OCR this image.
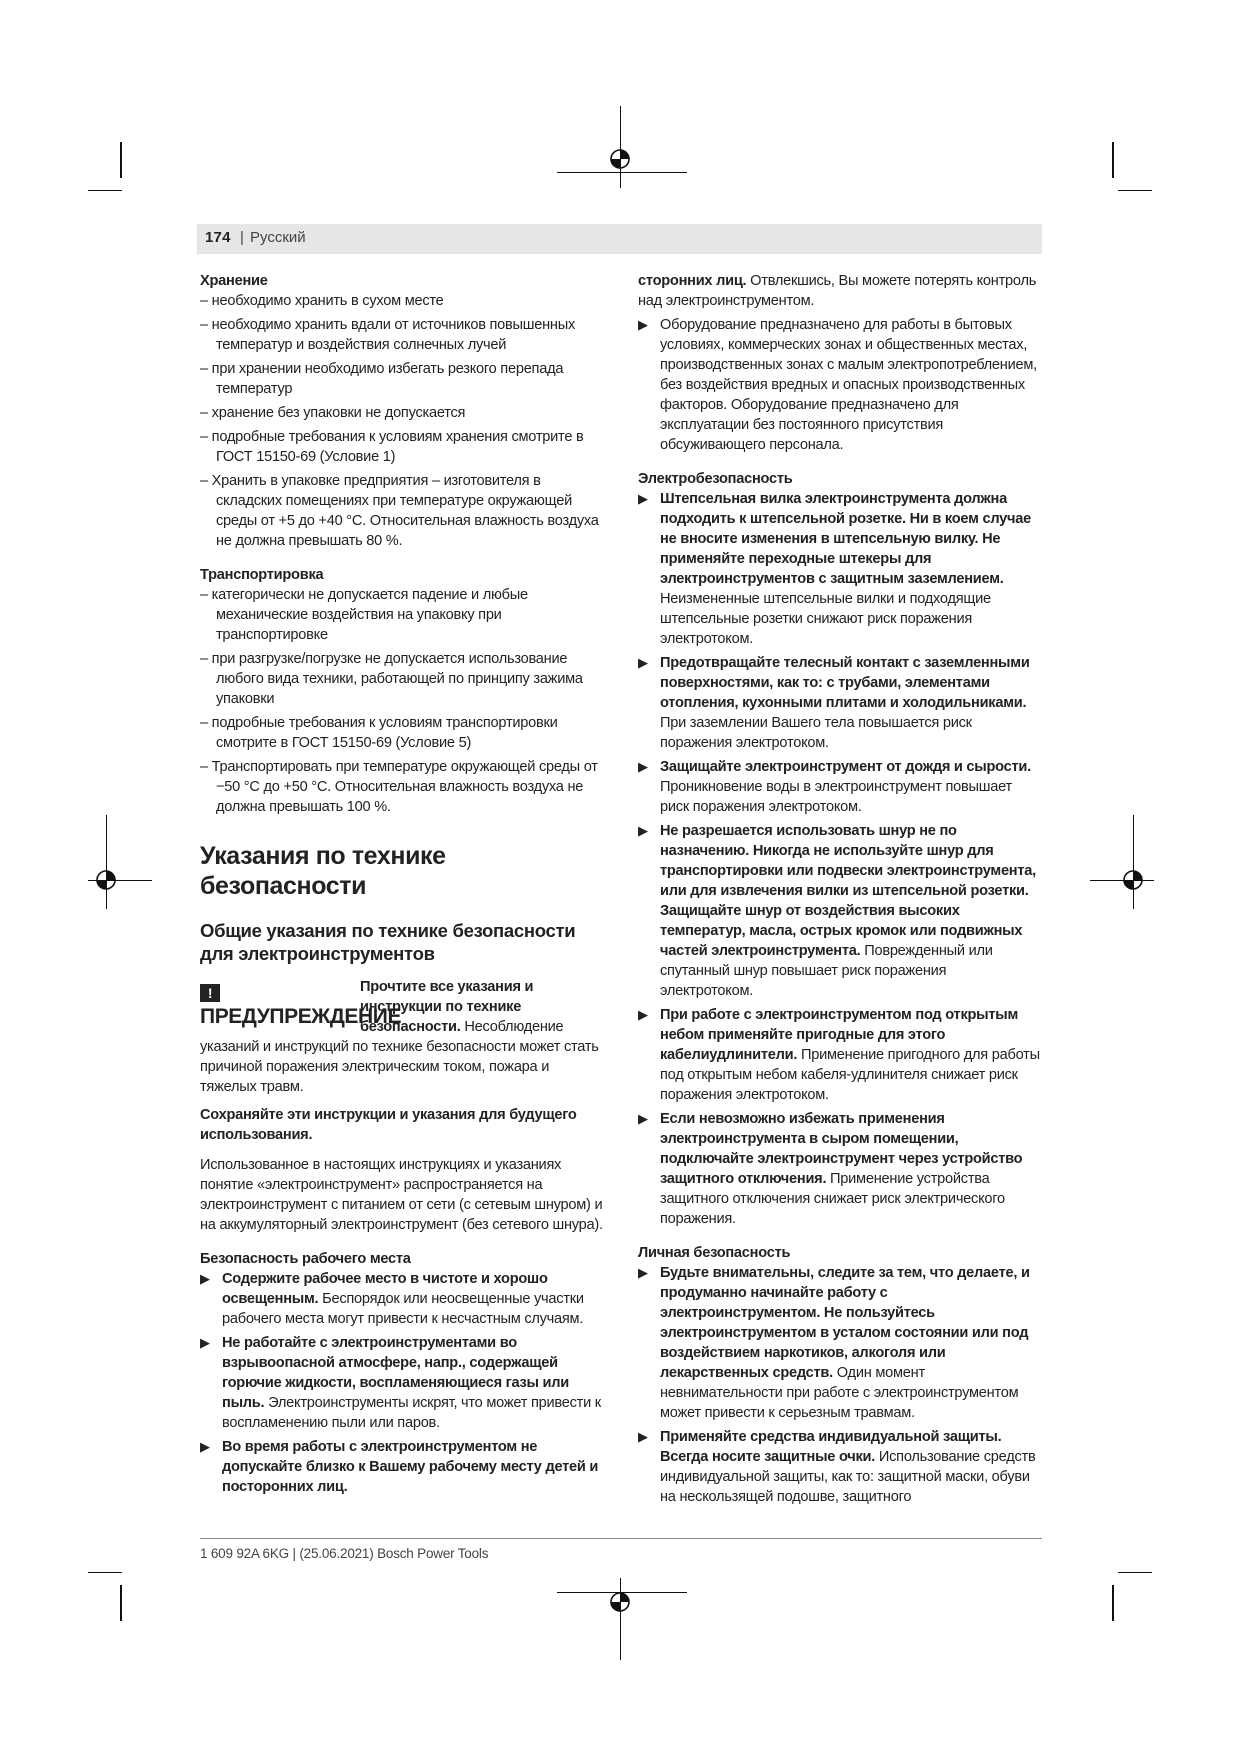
174 | Русский

Хранение

– необходимо хранить в сухом месте

– необходимо хранить вдали от источников повышенных температур и воздействия солнечных лучей

– при хранении необходимо избегать резкого перепада температур

– хранение без упаковки не допускается

– подробные требования к условиям хранения смотрите в ГОСТ 15150-69 (Условие 1)

– Хранить в упаковке предприятия – изготовителя в складских помещениях при температуре окружающей среды от +5 до +40 °C. Относительная влажность воздуха не должна превышать 80 %.

Транспортировка

– категорически не допускается падение и любые механические воздействия на упаковку при транспортировке

– при разгрузке/погрузке не допускается использование любого вида техники, работающей по принципу зажима упаковки

– подробные требования к условиям транспортировки смотрите в ГОСТ 15150-69 (Условие 5)

– Транспортировать при температуре окружающей среды от −50 °C до +50 °C. Относительная влажность воздуха не должна превышать 100 %.

Указания по технике безопасности
Общие указания по технике безопасности для электроинструментов
!ПРЕДУПРЕЖДЕНИЕ
Прочтите все указания и инструкции по технике безопасности. Несоблюдение указаний и инструкций по технике безопасности может стать причиной поражения электрическим током, пожара и тяжелых травм.

Сохраняйте эти инструкции и указания для будущего использования.

Использованное в настоящих инструкциях и указаниях понятие «электроинструмент» распространяется на электроинструмент с питанием от сети (с сетевым шнуром) и на аккумуляторный электроинструмент (без сетевого шнура).

Безопасность рабочего места

▶ Содержите рабочее место в чистоте и хорошо освещенным. Беспорядок или неосвещенные участки рабочего места могут привести к несчастным случаям.
▶ Не работайте с электроинструментами во взрывоопасной атмосфере, напр., содержащей горючие жидкости, воспламеняющиеся газы или пыль. Электроинструменты искрят, что может привести к воспламенению пыли или паров.
▶ Во время работы с электроинструментом не допускайте близко к Вашему рабочему месту детей и посторонних лиц.

сторонних лиц. Отвлекшись, Вы можете потерять контроль над электроинструментом.

▶ Оборудование предназначено для работы в бытовых условиях, коммерческих зонах и общественных местах, производственных зонах с малым электропотреблением, без воздействия вредных и опасных производственных факторов. Оборудование предназначено для эксплуатации без постоянного присутствия обсуживающего персонала.

Электробезопасность

▶ Штепсельная вилка электроинструмента должна подходить к штепсельной розетке. Ни в коем случае не вносите изменения в штепсельную вилку. Не применяйте переходные штекеры для электроинструментов с защитным заземлением. Неизмененные штепсельные вилки и подходящие штепсельные розетки снижают риск поражения электротоком.
▶ Предотвращайте телесный контакт с заземленными поверхностями, как то: с трубами, элементами отопления, кухонными плитами и холодильниками. При заземлении Вашего тела повышается риск поражения электротоком.
▶ Защищайте электроинструмент от дождя и сырости. Проникновение воды в электроинструмент повышает риск поражения электротоком.
▶ Не разрешается использовать шнур не по назначению. Никогда не используйте шнур для транспортировки или подвески электроинструмента, или для извлечения вилки из штепсельной розетки. Защищайте шнур от воздействия высоких температур, масла, острых кромок или подвижных частей электроинструмента. Поврежденный или спутанный шнур повышает риск поражения электротоком.
▶ При работе с электроинструментом под открытым небом применяйте пригодные для этого кабелиудлинители. Применение пригодного для работы под открытым небом кабеля-удлинителя снижает риск поражения электротоком.
▶ Если невозможно избежать применения электроинструмента в сыром помещении, подключайте электроинструмент через устройство защитного отключения. Применение устройства защитного отключения снижает риск электрического поражения.

Личная безопасность

▶ Будьте внимательны, следите за тем, что делаете, и продуманно начинайте работу с электроинструментом. Не пользуйтесь электроинструментом в усталом состоянии или под воздействием наркотиков, алкоголя или лекарственных средств. Один момент невнимательности при работе с электроинструментом может привести к серьезным травмам.
▶ Применяйте средства индивидуальной защиты. Всегда носите защитные очки. Использование средств индивидуальной защиты, как то: защитной маски, обуви на нескользящей подошве, защитного
1 609 92A 6KG | (25.06.2021) Bosch Power Tools
